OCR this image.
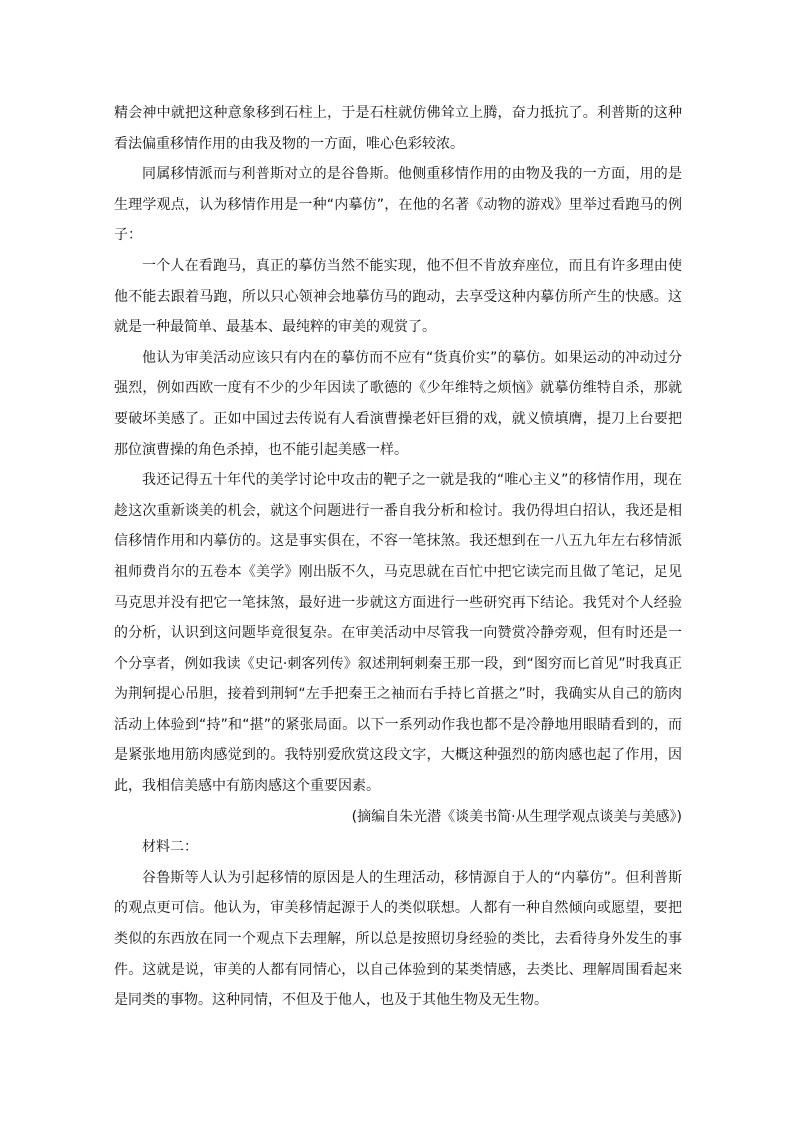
精会神中就把这种意象移到石柱上，于是石柱就仿佛耸立上腾，奋力抵抗了。利普斯的这种看法偏重移情作用的由我及物的一方面，唯心色彩较浓。

同属移情派而与利普斯对立的是谷鲁斯。他侧重移情作用的由物及我的一方面，用的是生理学观点，认为移情作用是一种“内摹仿”，在他的名著《动物的游戏》里举过看跑马的例子：

一个人在看跑马，真正的摹仿当然不能实现，他不但不肯放弃座位，而且有许多理由使他不能去跟着马跑，所以只心领神会地摹仿马的跑动，去享受这种内摹仿所产生的快感。这就是一种最简单、最基本、最纯粹的审美的观赏了。

他认为审美活动应该只有内在的摹仿而不应有“货真价实”的摹仿。如果运动的冲动过分强烈，例如西欧一度有不少的少年因读了歌德的《少年维特之烦恼》就摹仿维特自杀，那就要破坏美感了。正如中国过去传说有人看演曹操老奸巨猾的戏，就义愤填膺，提刀上台要把那位演曹操的角色杀掉，也不能引起美感一样。

我还记得五十年代的美学讨论中攻击的靶子之一就是我的“唯心主义”的移情作用，现在趁这次重新谈美的机会，就这个问题进行一番自我分析和检讨。我仍得坦白招认，我还是相信移情作用和内摹仿的。这是事实俱在，不容一笔抹煞。我还想到在一八五九年左右移情派祖师费肖尔的五卷本《美学》刚出版不久，马克思就在百忙中把它读完而且做了笔记，足见马克思并没有把它一笔抹煞，最好进一步就这方面进行一些研究再下结论。我凭对个人经验的分析，认识到这问题毕竟很复杂。在审美活动中尽管我一向赞赏冷静旁观，但有时还是一个分享者，例如我读《史记·刺客列传》叙述荆轲刺秦王那一段，到“图穷而匕首见”时我真正为荆轲提心吊胆，接着到荆轲“左手把秦王之袖而右手持匕首揕之”时，我确实从自己的筋肉活动上体验到“持”和“揕”的紧张局面。以下一系列动作我也都不是冷静地用眼睛看到的，而是紧张地用筋肉感觉到的。我特别爱欣赏这段文字，大概这种强烈的筋肉感也起了作用，因此，我相信美感中有筋肉感这个重要因素。

(摘编自朱光潜《谈美书简·从生理学观点谈美与美感》)

材料二：

谷鲁斯等人认为引起移情的原因是人的生理活动，移情源自于人的“内摹仿”。但利普斯的观点更可信。他认为，审美移情起源于人的类似联想。人都有一种自然倾向或愿望，要把类似的东西放在同一个观点下去理解，所以总是按照切身经验的类比，去看待身外发生的事件。这就是说，审美的人都有同情心，以自己体验到的某类情感，去类比、理解周围看起来是同类的事物。这种同情，不但及于他人，也及于其他生物及无生物。
